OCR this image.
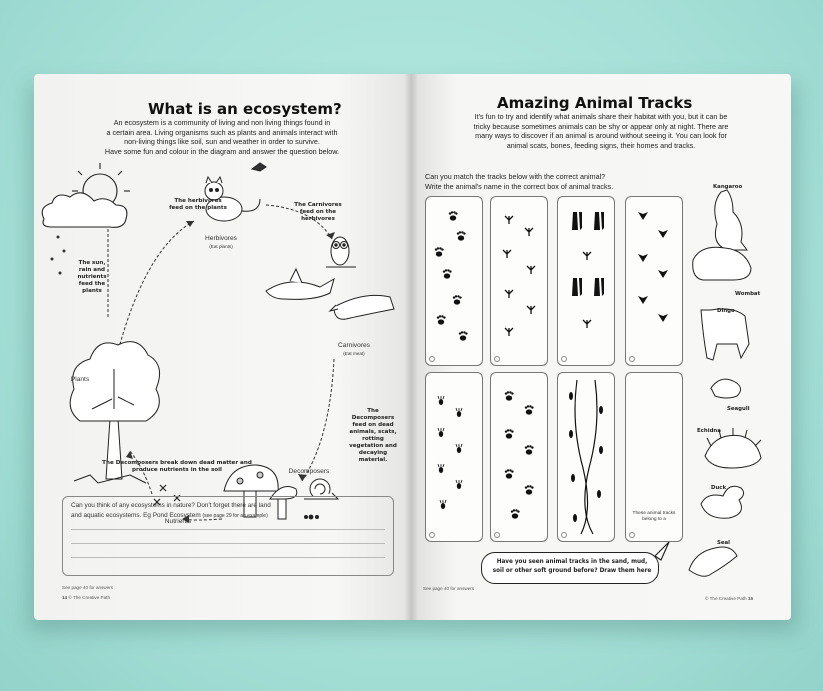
What is an ecosystem?
An ecosystem is a community of living and non living things found in
a certain area. Living organisms such as plants and animals interact with
non-living things like soil, sun and weather in order to survive.
Have some fun and colour in the diagram and answer the question below.
The herbivores feed on the plants
Herbivores
(Eat plants)
The Carnivores feed on the herbivores
Carnivores
(Eat meat)
The sun, rain and nutrients feed the plants
Plants
Nutrients
Decomposers
The Decomposers feed on dead animals, scats, rotting vegetation and decaying material.
The Decomposers break down dead matter and produce nutrients in the soil
Can you think of any ecosystems in nature? Don't forget there are land
and aquatic ecosystems. Eg Pond Ecosystem (see page 29 for an example)
See page 40 for answers
14 © The Creative Path
Amazing Animal Tracks
It's fun to try and identify what animals share their habitat with you, but it can be
tricky because sometimes animals can be shy or appear only at night. There are
many ways to discover if an animal is around without seeing it. You can look for
animal scats, bones, feeding signs, their homes and tracks.
Can you match the tracks below with the correct animal?
Write the animal's name in the correct box of animal tracks.
These animal tracks belong to a
Kangaroo
Wombat
Dingo
Seagull
Echidna
Duck
Seal
Have you seen animal tracks in the sand, mud, soil or other soft ground before? Draw them here
See page 40 for answers
© The Creative Path 15
